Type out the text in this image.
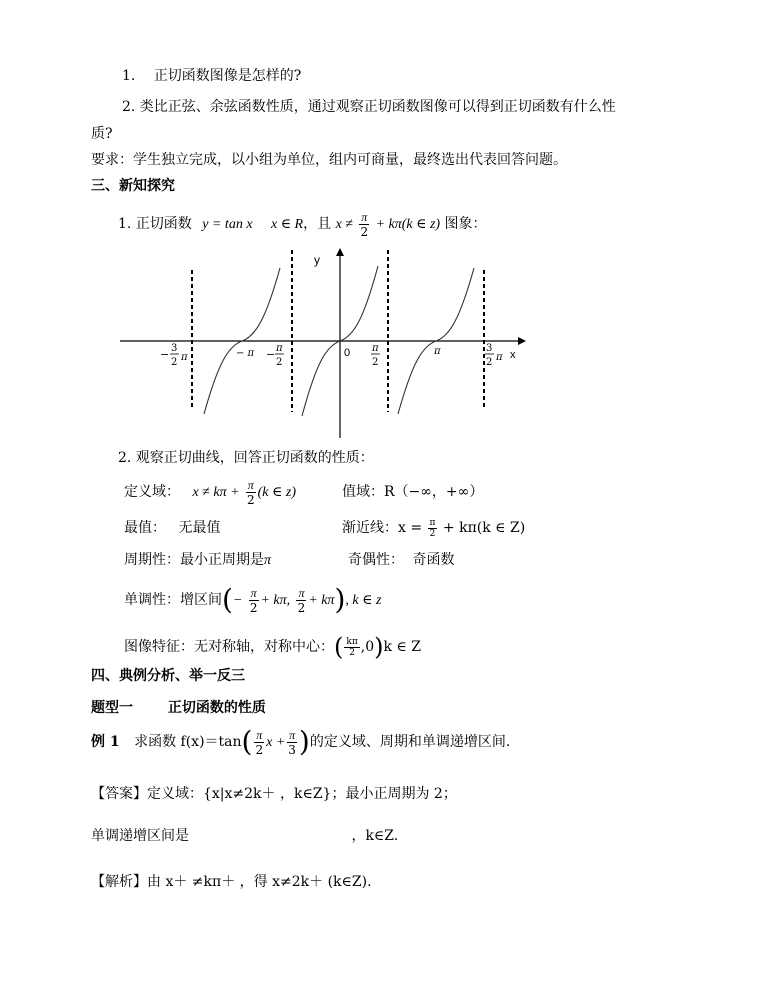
1. 正切函数图像是怎样的?
2. 类比正弦、余弦函数性质，通过观察正切函数图像可以得到正切函数有什么性
质?
要求：学生独立完成，以小组为单位，组内可商量，最终选出代表回答问题。
三、新知探究
1. 正切函数 y = tan x x ∈ R，且 $x \ne \frac{\pi}{2} + k\pi(k$ ∈ z) 图象：
y
x
0
− 3
2 π	− π − π
2
π
2
π	3
2 π
2. 观察正切曲线，回答正切函数的性质：
定义域： $x \ne k\pi + \frac{\pi}{2} (k$ ∈ z)	值域：R（−∞，+∞）
最值： 无最值	渐近线：$x = \frac{\pi}{2} + k\pi(k$ ∈ Z)
周期性：最小正周期是π	奇偶性： 奇函数
单调性：增区间(− $\frac{\pi}{2} + k\pi$, $\frac{\pi}{2} + k\pi$), k ∈ z
图像特征：无对称轴，对称中心：( $\frac{k\pi}{2} ,0)k$ ∈ Z
四、典例分析、举一反三
题型一 正切函数的性质
例 1 求函数 $f(x)=\tan( \frac{\pi}{2}$ $x + \frac{\pi}{3}$ )的定义域、周期和单调递增区间.
【答案】定义域：{x|x≠2k＋ ，k∈Z}；最小正周期为 2；
单调递增区间是	，k∈Z.
【解析】由 x＋ ≠kπ＋ ，得 x≠2k＋ (k∈Z).
